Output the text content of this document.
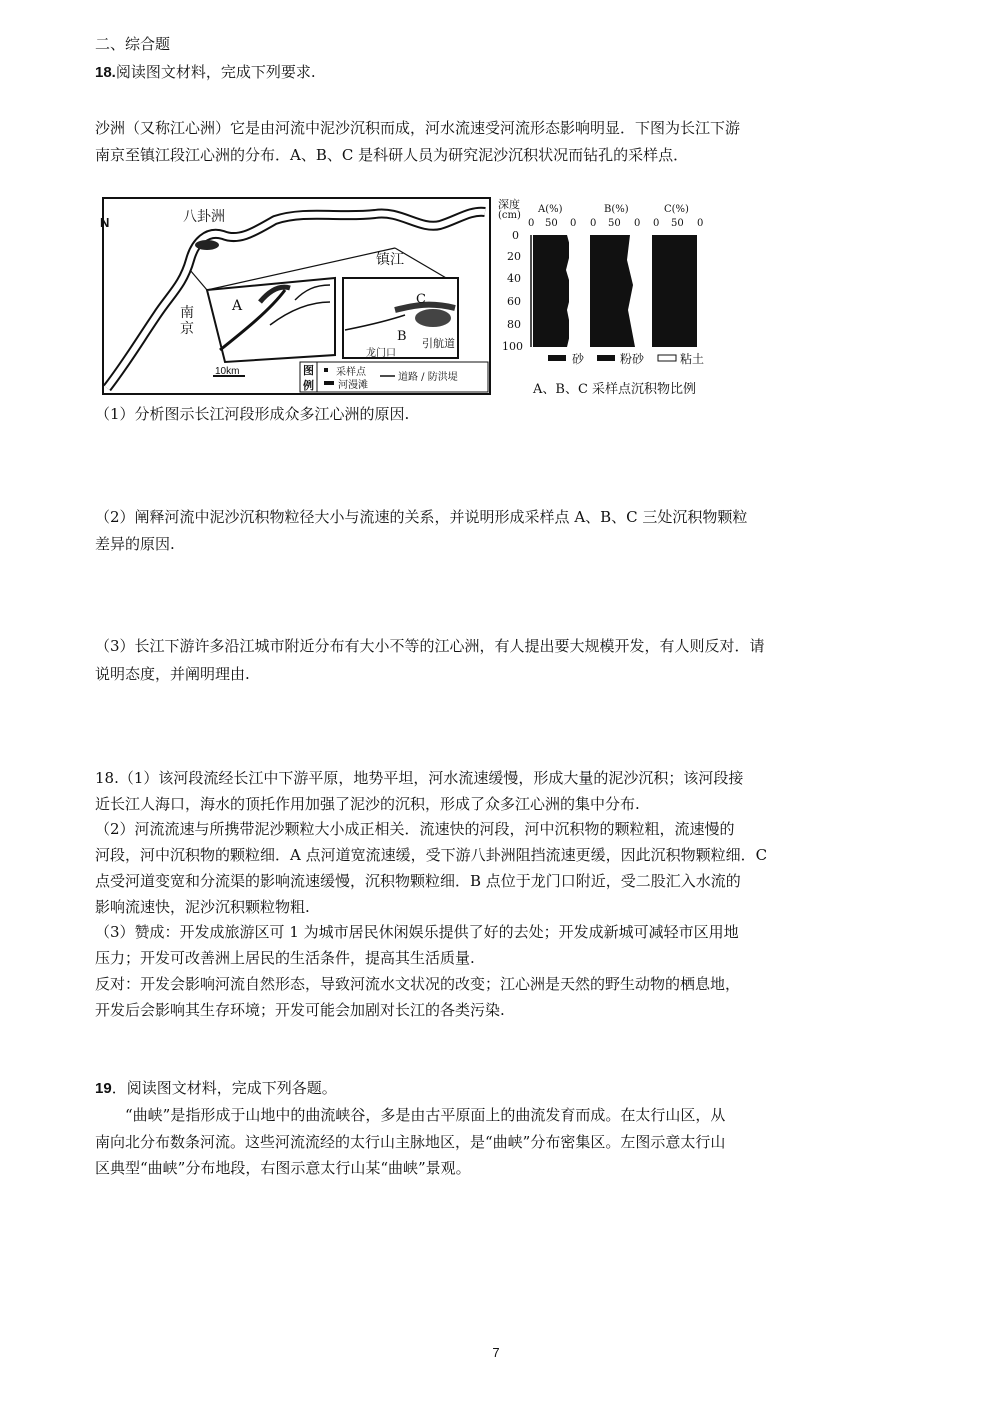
二、综合题
18.阅读图文材料，完成下列要求.
沙洲（又称江心洲）它是由河流中泥沙沉积而成，河水流速受河流形态影响明显．下图为长江下游
南京至镇江段江心洲的分布．A、B、C 是科研人员为研究泥沙沉积状况而钻孔的采样点．
N	八卦洲
镇江
南京
A	C
B
龙门口
引航道
10km	图
例
采样点
河漫滩
道路 / 防洪堤
深度
(cm)
A(%)	B(%)	C(%)
0 50 0 0 50 0 0 50 0
0
20
40
60
80
100
砂	粉砂	粘土
A、B、C 采样点沉积物比例
（1）分析图示长江河段形成众多江心洲的原因.
（2）阐释河流中泥沙沉积物粒径大小与流速的关系，并说明形成采样点 A、B、C 三处沉积物颗粒
差异的原因.
（3）长江下游许多沿江城市附近分布有大小不等的江心洲，有人提出要大规模开发，有人则反对．请
说明态度，并阐明理由.
18.（1）该河段流经长江中下游平原，地势平坦，河水流速缓慢，形成大量的泥沙沉积；该河段接
近长江人海口，海水的顶托作用加强了泥沙的沉积，形成了众多江心洲的集中分布.
（2）河流流速与所携带泥沙颗粒大小成正相关．流速快的河段，河中沉积物的颗粒粗，流速慢的
河段，河中沉积物的颗粒细．A 点河道宽流速缓，受下游八卦洲阻挡流速更缓，因此沉积物颗粒细．C
点受河道变宽和分流渠的影响流速缓慢，沉积物颗粒细．B 点位于龙门口附近，受二股汇入水流的
影响流速快，泥沙沉积颗粒物粗.
（3）赞成：开发成旅游区可 1 为城市居民休闲娱乐提供了好的去处；开发成新城可减轻市区用地
压力；开发可改善洲上居民的生活条件，提高其生活质量.
反对：开发会影响河流自然形态，导致河流水文状况的改变；江心洲是天然的野生动物的栖息地，
开发后会影响其生存环境；开发可能会加剧对长江的各类污染.
19．阅读图文材料，完成下列各题。
“曲峡”是指形成于山地中的曲流峡谷，多是由古平原面上的曲流发育而成。在太行山区，从
南向北分布数条河流。这些河流流经的太行山主脉地区，是“曲峡”分布密集区。左图示意太行山
区典型“曲峡”分布地段，右图示意太行山某“曲峡”景观。
7
